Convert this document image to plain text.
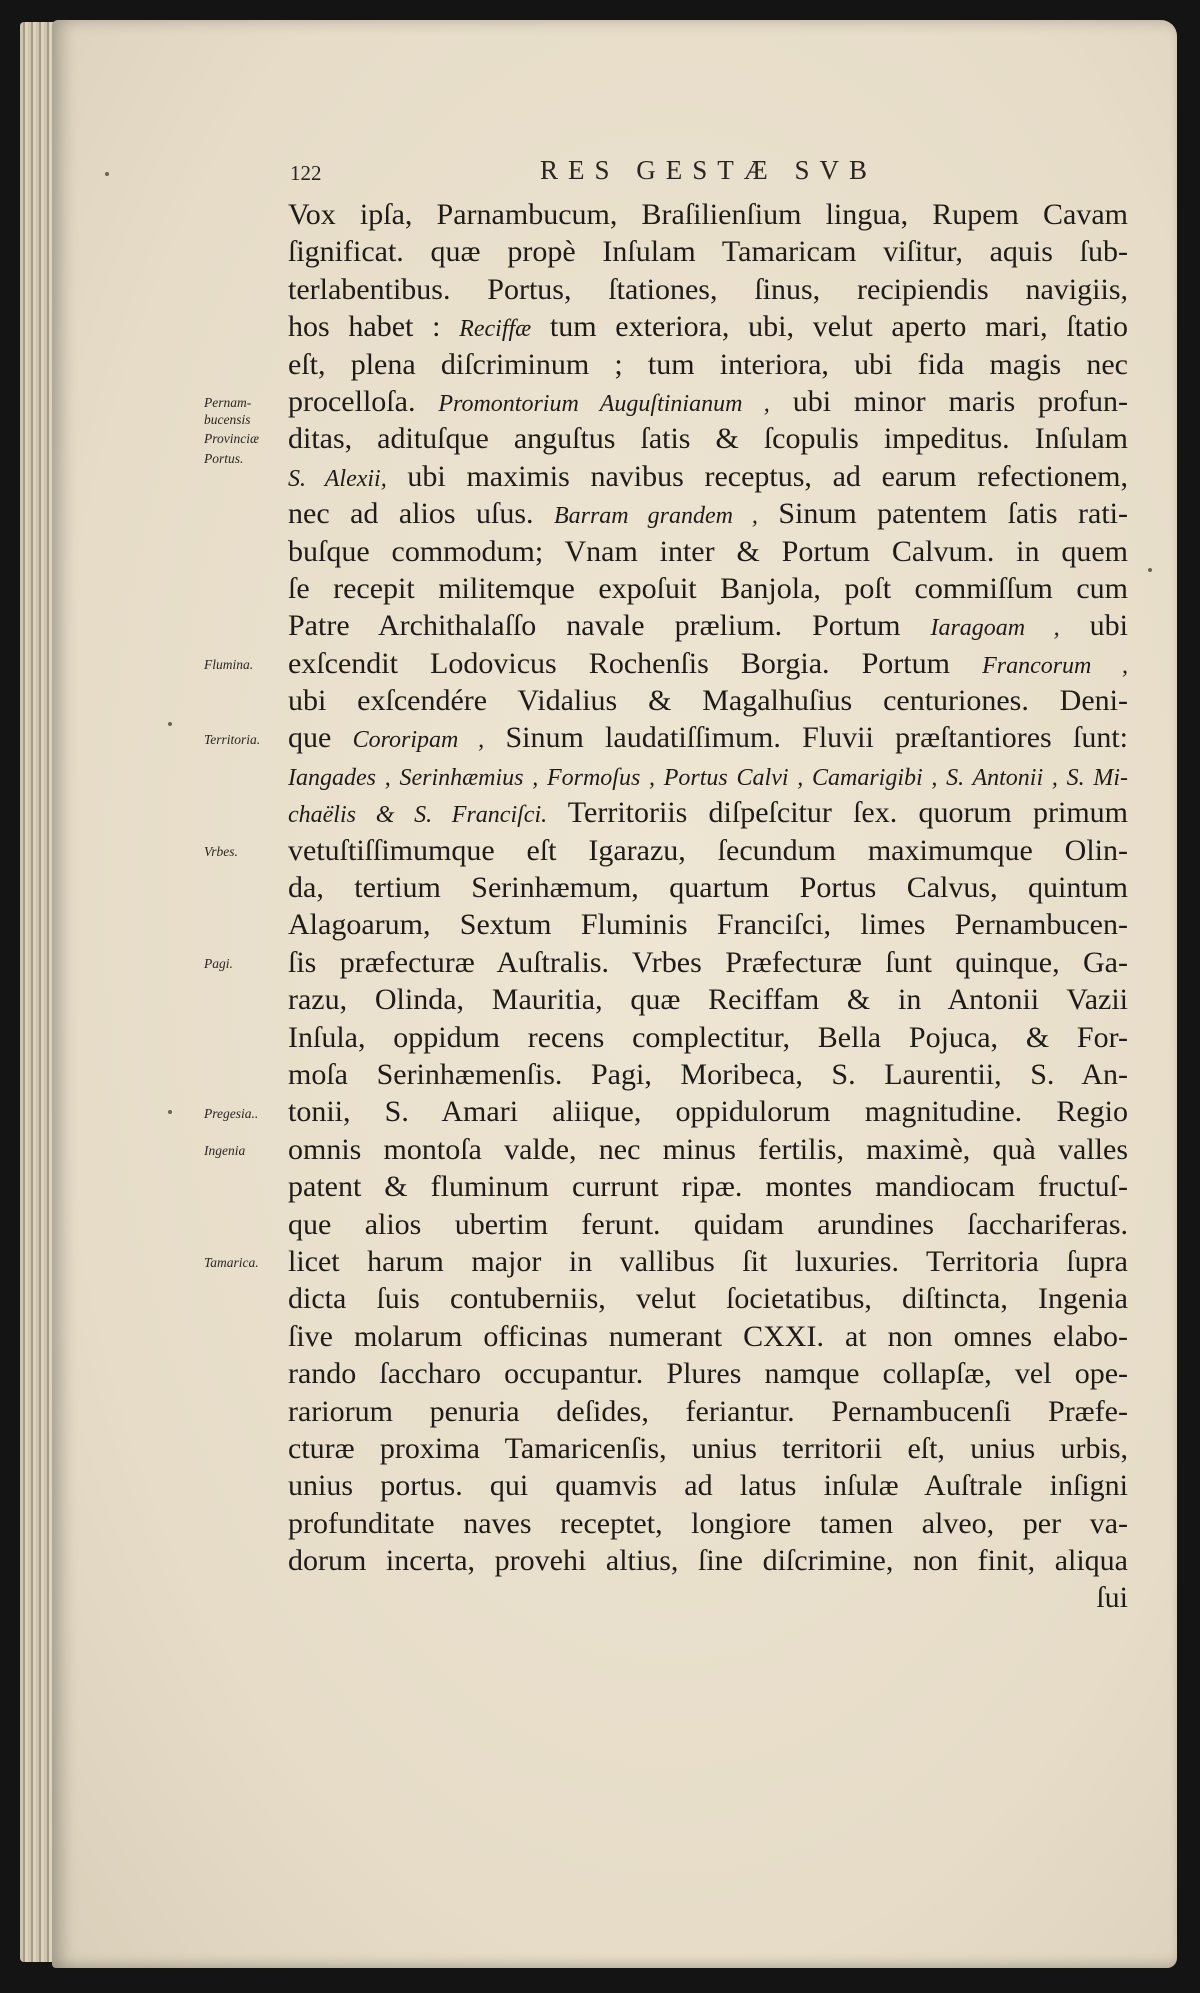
122	RES GESTÆ SVB
Pernam-
bucensis
Provinciæ
Portus.
Flumina.
Territoria.
Vrbes.
Pagi.
Pregesia..
Ingenia
Tamarica.
Vox ipſa, Parnambucum, Braſilienſium lingua, Rupem Cavam
ſignificat. quæ propè Inſulam Tamaricam viſitur, aquis ſub-
terlabentibus. Portus, ſtationes, ſinus, recipiendis navigiis,
hos habet : Reciffæ tum exteriora, ubi, velut aperto mari, ſtatio
eſt, plena diſcriminum ; tum interiora, ubi fida magis nec
procelloſa. Promontorium Auguſtinianum , ubi minor maris profun-
ditas, adituſque anguſtus ſatis & ſcopulis impeditus. Inſulam
S. Alexii, ubi maximis navibus receptus, ad earum refectionem,
nec ad alios uſus. Barram grandem , Sinum patentem ſatis rati-
buſque commodum; Vnam inter & Portum Calvum. in quem
ſe recepit militemque expoſuit Banjola, poſt commiſſum cum
Patre Archithalaſſo navale prælium. Portum Iaragoam , ubi
exſcendit Lodovicus Rochenſis Borgia. Portum Francorum ,
ubi exſcendére Vidalius & Magalhuſius centuriones. Deni-
que Cororipam , Sinum laudatiſſimum. Fluvii præſtantiores ſunt:
Iangades , Serinhæmius , Formoſus , Portus Calvi , Camarigibi , S. Antonii , S. Mi-
chaëlis & S. Franciſci. Territoriis diſpeſcitur ſex. quorum primum
vetuſtiſſimumque eſt Igarazu, ſecundum maximumque Olin-
da, tertium Serinhæmum, quartum Portus Calvus, quintum
Alagoarum, Sextum Fluminis Franciſci, limes Pernambucen-
ſis præfecturæ Auſtralis. Vrbes Præfecturæ ſunt quinque, Ga-
razu, Olinda, Mauritia, quæ Reciffam & in Antonii Vazii
Inſula, oppidum recens complectitur, Bella Pojuca, & For-
moſa Serinhæmenſis. Pagi, Moribeca, S. Laurentii, S. An-
tonii, S. Amari aliique, oppidulorum magnitudine. Regio
omnis montoſa valde, nec minus fertilis, maximè, quà valles
patent & fluminum currunt ripæ. montes mandiocam fructuſ-
que alios ubertim ferunt. quidam arundines ſacchariferas.
licet harum major in vallibus ſit luxuries. Territoria ſupra
dicta ſuis contuberniis, velut ſocietatibus, diſtincta, Ingenia
ſive molarum officinas numerant CXXI. at non omnes elabo-
rando ſaccharo occupantur. Plures namque collapſæ, vel ope-
rariorum penuria deſides, feriantur. Pernambucenſi Præfe-
cturæ proxima Tamaricenſis, unius territorii eſt, unius urbis,
unius portus. qui quamvis ad latus inſulæ Auſtrale inſigni
profunditate naves receptet, longiore tamen alveo, per va-
dorum incerta, provehi altius, ſine diſcrimine, non finit, aliqua
ſui
